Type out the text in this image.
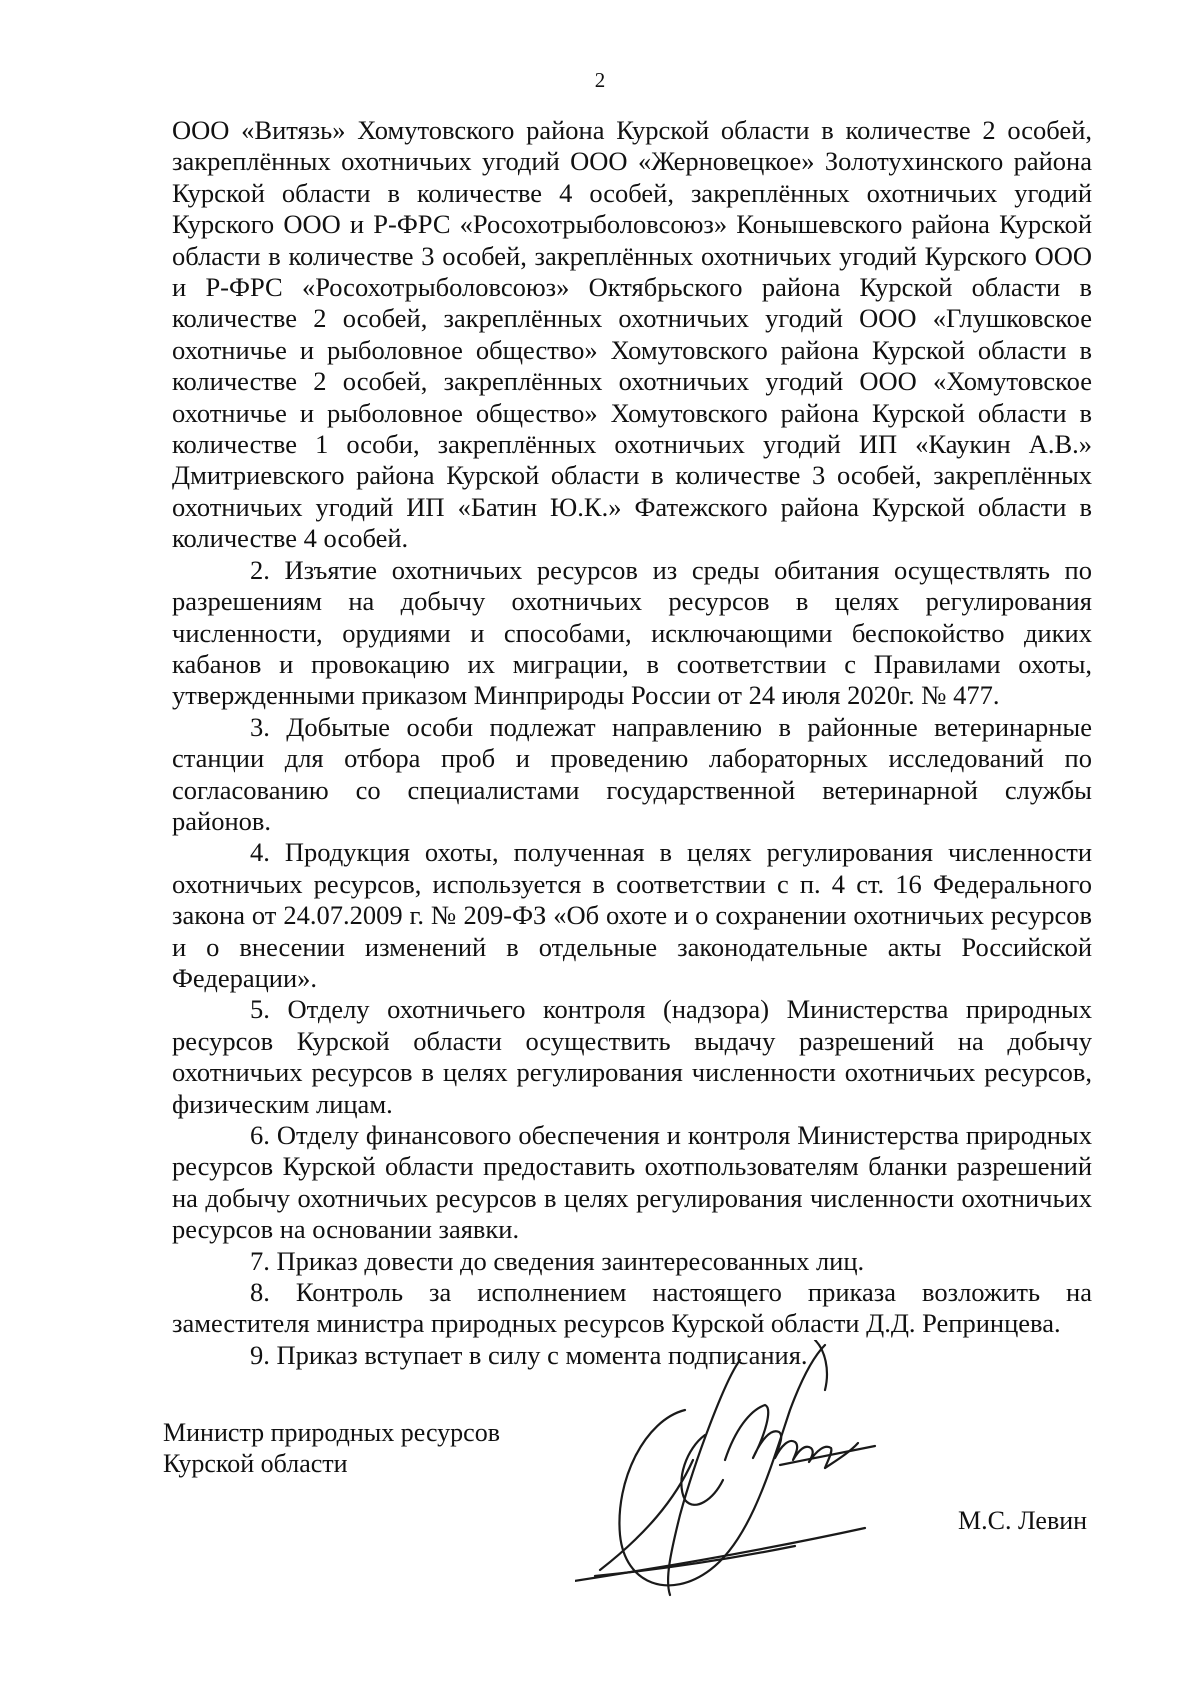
2

ООО «Витязь» Хомутовского района Курской области в количестве 2 особей, закреплённых охотничьих угодий ООО «Жерновецкое» Золотухинского района Курской области в количестве 4 особей, закреплённых охотничьих угодий Курского ООО и Р-ФРС «Росохотрыболовсоюз» Конышевского района Курской области в количестве 3 особей, закреплённых охотничьих угодий Курского ООО и Р-ФРС «Росохотрыболовсоюз» Октябрьского района Курской области в количестве 2 особей, закреплённых охотничьих угодий ООО «Глушковское охотничье и рыболовное общество» Хомутовского района Курской области в количестве 2 особей, закреплённых охотничьих угодий ООО «Хомутовское охотничье и рыболовное общество» Хомутовского района Курской области в количестве 1 особи, закреплённых охотничьих угодий ИП «Каукин А.В.» Дмитриевского района Курской области в количестве 3 особей, закреплённых охотничьих угодий ИП «Батин Ю.К.» Фатежского района Курской области в количестве 4 особей.

2. Изъятие охотничьих ресурсов из среды обитания осуществлять по разрешениям на добычу охотничьих ресурсов в целях регулирования численности, орудиями и способами, исключающими беспокойство диких кабанов и провокацию их миграции, в соответствии с Правилами охоты, утвержденными приказом Минприроды России от 24 июля 2020г. № 477.

3. Добытые особи подлежат направлению в районные ветеринарные станции для отбора проб и проведению лабораторных исследований по согласованию со специалистами государственной ветеринарной службы районов.

4. Продукция охоты, полученная в целях регулирования численности охотничьих ресурсов, используется в соответствии с п. 4 ст. 16 Федерального закона от 24.07.2009 г. № 209-ФЗ «Об охоте и о сохранении охотничьих ресурсов и о внесении изменений в отдельные законодательные акты Российской Федерации».

5. Отделу охотничьего контроля (надзора) Министерства природных ресурсов Курской области осуществить выдачу разрешений на добычу охотничьих ресурсов в целях регулирования численности охотничьих ресурсов, физическим лицам.

6. Отделу финансового обеспечения и контроля Министерства природных ресурсов Курской области предоставить охотпользователям бланки разрешений на добычу охотничьих ресурсов в целях регулирования численности охотничьих ресурсов на основании заявки.

7. Приказ довести до сведения заинтересованных лиц.

8. Контроль за исполнением настоящего приказа возложить на заместителя министра природных ресурсов Курской области Д.Д. Репринцева.

9. Приказ вступает в силу с момента подписания.

Министр природных ресурсов
Курской области
М.С. Левин
